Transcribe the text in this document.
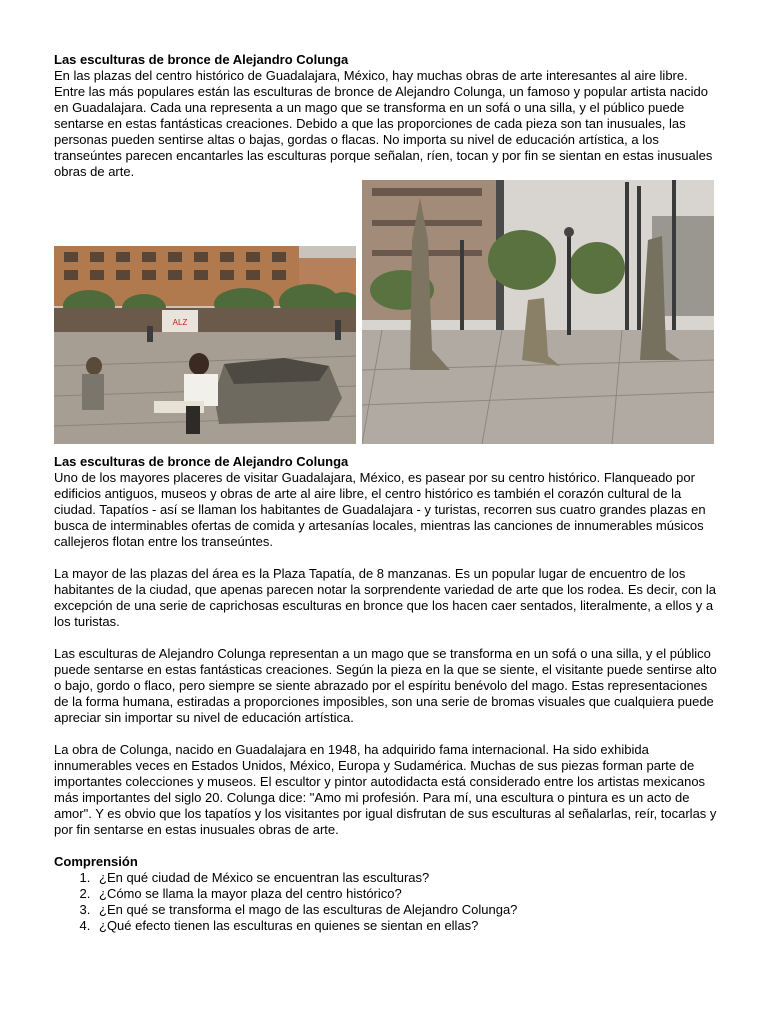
Las esculturas de bronce de Alejandro Colunga

En las plazas del centro histórico de Guadalajara, México, hay muchas obras de arte interesantes al aire libre. Entre las más populares están las esculturas de bronce de Alejandro Colunga, un famoso y popular artista nacido en Guadalajara. Cada una representa a un mago que se transforma en un sofá o una silla, y el público puede sentarse en estas fantásticas creaciones. Debido a que las proporciones de cada pieza son tan inusuales, las personas pueden sentirse altas o bajas, gordas o flacas. No importa su nivel de educación artística, a los transeúntes parecen encantarles las esculturas porque señalan, ríen, tocan y por fin se sientan en estas inusuales obras de arte.

ALZ

Las esculturas de bronce de Alejandro Colunga

Uno de los mayores placeres de visitar Guadalajara, México, es pasear por su centro histórico. Flanqueado por edificios antiguos, museos y obras de arte al aire libre, el centro histórico es también el corazón cultural de la ciudad. Tapatíos - así se llaman los habitantes de Guadalajara - y turistas, recorren sus cuatro grandes plazas en busca de interminables ofertas de comida y artesanías locales, mientras las canciones de innumerables músicos callejeros flotan entre los transeúntes.

La mayor de las plazas del área es la Plaza Tapatía, de 8 manzanas. Es un popular lugar de encuentro de los habitantes de la ciudad, que apenas parecen notar la sorprendente variedad de arte que los rodea. Es decir, con la excepción de una serie de caprichosas esculturas en bronce que los hacen caer sentados, literalmente, a ellos y a los turistas.

Las esculturas de Alejandro Colunga representan a un mago que se transforma en un sofá o una silla, y el público puede sentarse en estas fantásticas creaciones. Según la pieza en la que se siente, el visitante puede sentirse alto o bajo, gordo o flaco, pero siempre se siente abrazado por el espíritu benévolo del mago. Estas representaciones de la forma humana, estiradas a proporciones imposibles, son una serie de bromas visuales que cualquiera puede apreciar sin importar su nivel de educación artística.

La obra de Colunga, nacido en Guadalajara en 1948, ha adquirido fama internacional. Ha sido exhibida innumerables veces en Estados Unidos, México, Europa y Sudamérica. Muchas de sus piezas forman parte de importantes colecciones y museos. El escultor y pintor autodidacta está considerado entre los artistas mexicanos más importantes del siglo 20. Colunga dice: "Amo mi profesión. Para mí, una escultura o pintura es un acto de amor". Y es obvio que los tapatíos y los visitantes por igual disfrutan de sus esculturas al señalarlas, reír, tocarlas y por fin sentarse en estas inusuales obras de arte.

Comprensión

1. ¿En qué ciudad de México se encuentran las esculturas?
2. ¿Cómo se llama la mayor plaza del centro histórico?
3. ¿En qué se transforma el mago de las esculturas de Alejandro Colunga?
4. ¿Qué efecto tienen las esculturas en quienes se sientan en ellas?
